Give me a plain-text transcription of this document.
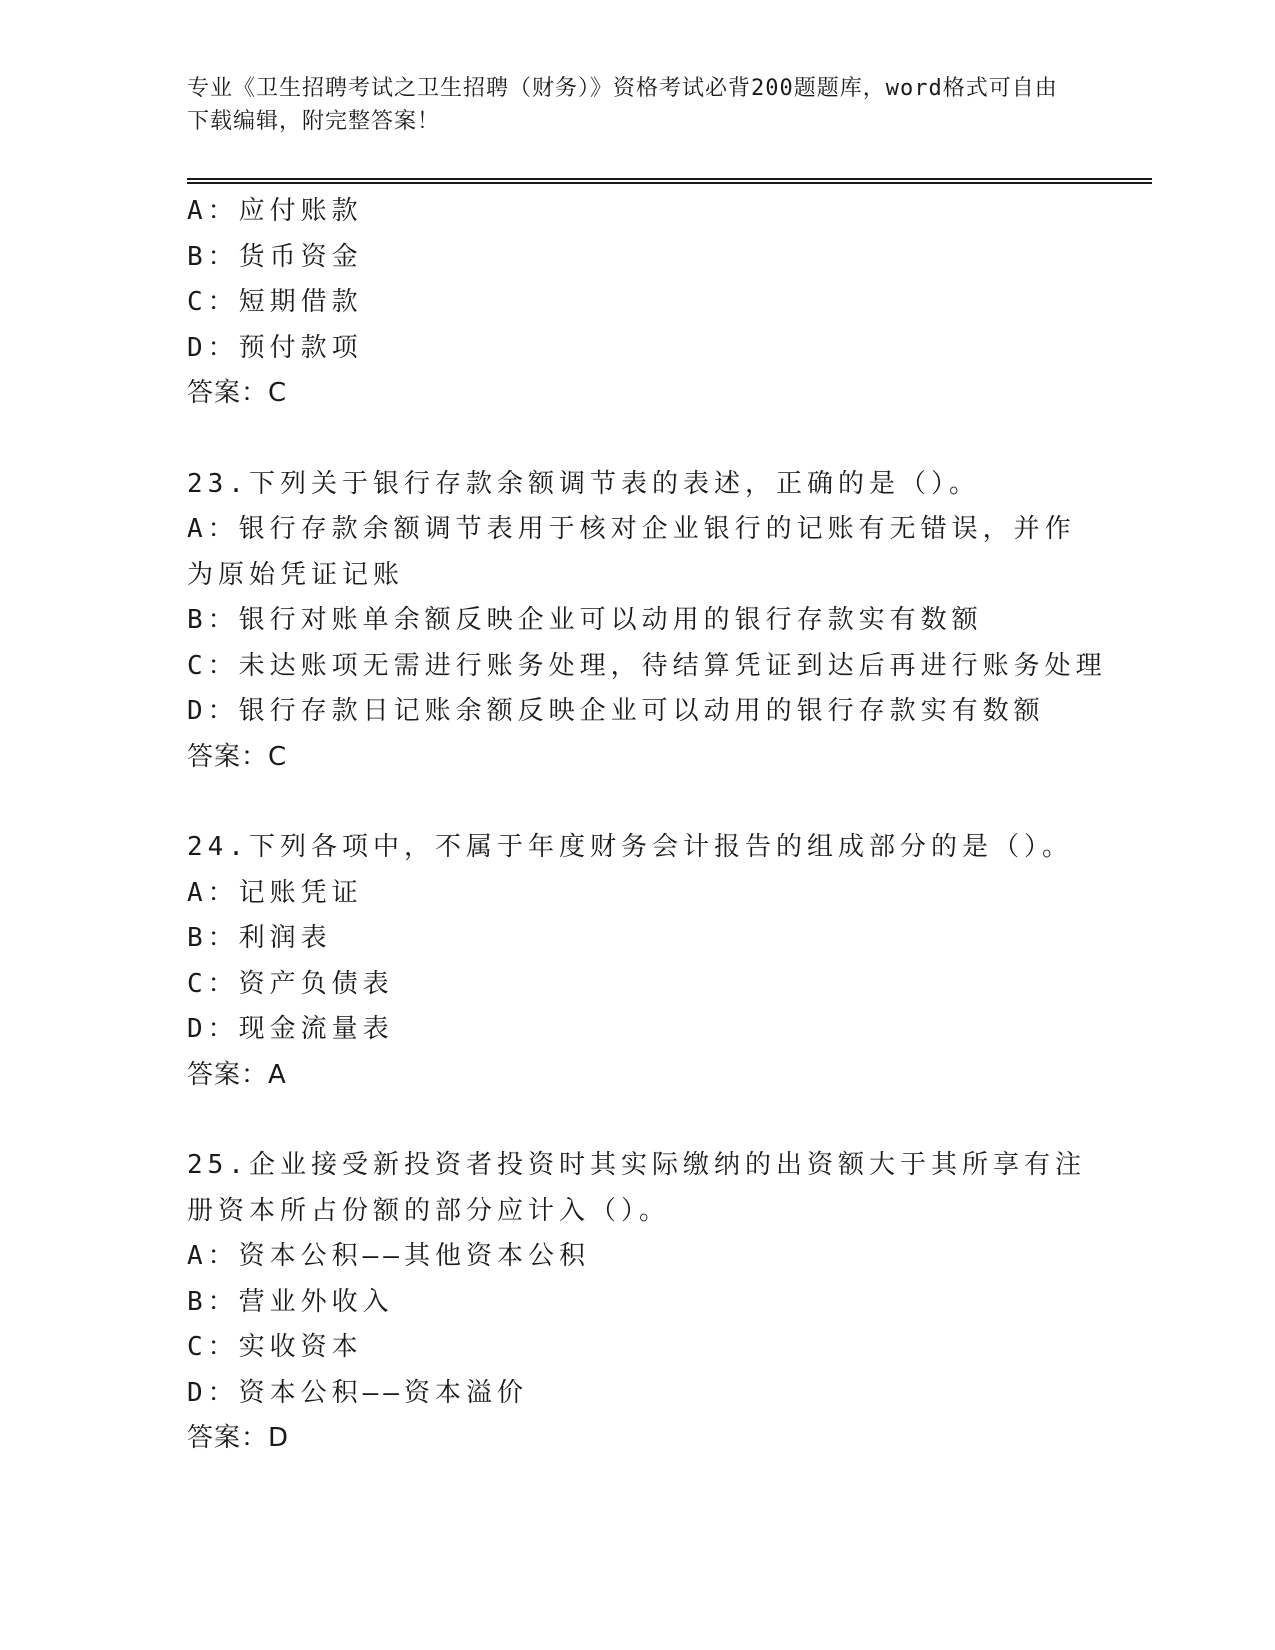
专业《卫生招聘考试之卫生招聘（财务）》资格考试必背200题题库，word格式可自由下载编辑，附完整答案！
A：应付账款
B：货币资金
C：短期借款
D：预付款项
答案：C
23.下列关于银行存款余额调节表的表述，正确的是（）。
A：银行存款余额调节表用于核对企业银行的记账有无错误，并作为原始凭证记账
B：银行对账单余额反映企业可以动用的银行存款实有数额
C：未达账项无需进行账务处理，待结算凭证到达后再进行账务处理
D：银行存款日记账余额反映企业可以动用的银行存款实有数额
答案：C
24.下列各项中，不属于年度财务会计报告的组成部分的是（）。
A：记账凭证
B：利润表
C：资产负债表
D：现金流量表
答案：A
25.企业接受新投资者投资时其实际缴纳的出资额大于其所享有注册资本所占份额的部分应计入（）。
A：资本公积——其他资本公积
B：营业外收入
C：实收资本
D：资本公积——资本溢价
答案：D
